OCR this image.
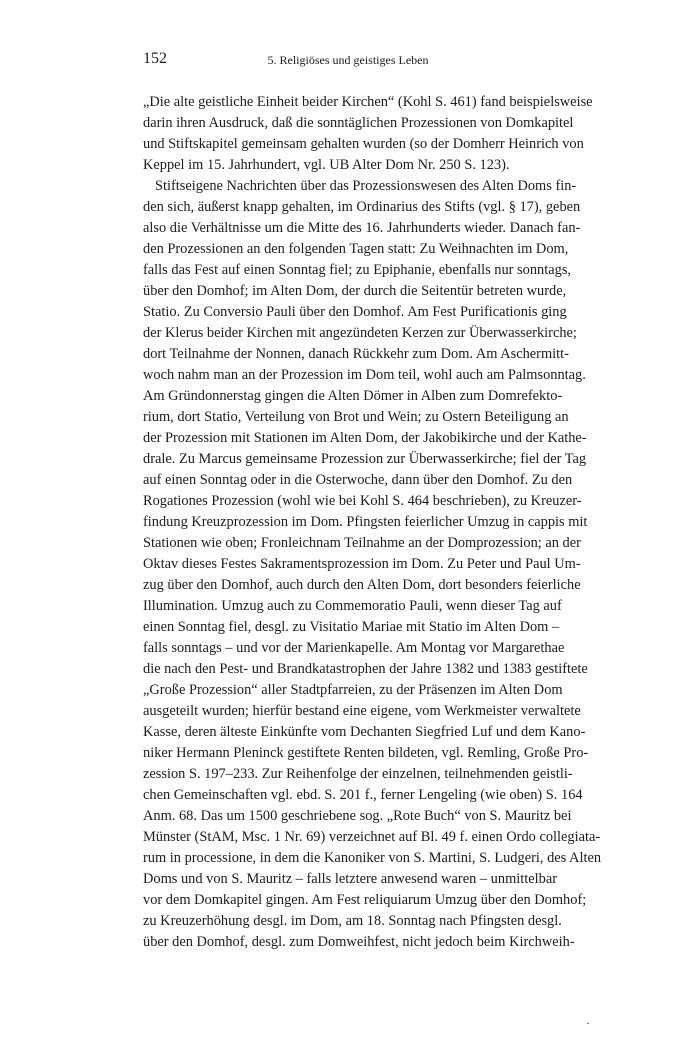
152	5. Religiöses und geistiges Leben
„Die alte geistliche Einheit beider Kirchen“ (Kohl S. 461) fand beispielsweise
darin ihren Ausdruck, daß die sonntäglichen Prozessionen von Domkapitel
und Stiftskapitel gemeinsam gehalten wurden (so der Domherr Heinrich von
Keppel im 15. Jahrhundert, vgl. UB Alter Dom Nr. 250 S. 123).
Stiftseigene Nachrichten über das Prozessionswesen des Alten Doms fin-
den sich, äußerst knapp gehalten, im Ordinarius des Stifts (vgl. § 17), geben
also die Verhältnisse um die Mitte des 16. Jahrhunderts wieder. Danach fan-
den Prozessionen an den folgenden Tagen statt: Zu Weihnachten im Dom,
falls das Fest auf einen Sonntag fiel; zu Epiphanie, ebenfalls nur sonntags,
über den Domhof; im Alten Dom, der durch die Seitentür betreten wurde,
Statio. Zu Conversio Pauli über den Domhof. Am Fest Purificationis ging
der Klerus beider Kirchen mit angezündeten Kerzen zur Überwasserkirche;
dort Teilnahme der Nonnen, danach Rückkehr zum Dom. Am Aschermitt-
woch nahm man an der Prozession im Dom teil, wohl auch am Palmsonntag.
Am Gründonnerstag gingen die Alten Dömer in Alben zum Domrefekto-
rium, dort Statio, Verteilung von Brot und Wein; zu Ostern Beteiligung an
der Prozession mit Stationen im Alten Dom, der Jakobikirche und der Kathe-
drale. Zu Marcus gemeinsame Prozession zur Überwasserkirche; fiel der Tag
auf einen Sonntag oder in die Osterwoche, dann über den Domhof. Zu den
Rogationes Prozession (wohl wie bei Kohl S. 464 beschrieben), zu Kreuzer-
findung Kreuzprozession im Dom. Pfingsten feierlicher Umzug in cappis mit
Stationen wie oben; Fronleichnam Teilnahme an der Domprozession; an der
Oktav dieses Festes Sakramentsprozession im Dom. Zu Peter und Paul Um-
zug über den Domhof, auch durch den Alten Dom, dort besonders feierliche
Illumination. Umzug auch zu Commemoratio Pauli, wenn dieser Tag auf
einen Sonntag fiel, desgl. zu Visitatio Mariae mit Statio im Alten Dom –
falls sonntags – und vor der Marienkapelle. Am Montag vor Margarethae
die nach den Pest- und Brandkatastrophen der Jahre 1382 und 1383 gestiftete
„Große Prozession“ aller Stadtpfarreien, zu der Präsenzen im Alten Dom
ausgeteilt wurden; hierfür bestand eine eigene, vom Werkmeister verwaltete
Kasse, deren älteste Einkünfte vom Dechanten Siegfried Luf und dem Kano-
niker Hermann Pleninck gestiftete Renten bildeten, vgl. Remling, Große Pro-
zession S. 197–233. Zur Reihenfolge der einzelnen, teilnehmenden geistli-
chen Gemeinschaften vgl. ebd. S. 201 f., ferner Lengeling (wie oben) S. 164
Anm. 68. Das um 1500 geschriebene sog. „Rote Buch“ von S. Mauritz bei
Münster (StAM, Msc. 1 Nr. 69) verzeichnet auf Bl. 49 f. einen Ordo collegiata-
rum in processione, in dem die Kanoniker von S. Martini, S. Ludgeri, des Alten
Doms und von S. Mauritz – falls letztere anwesend waren – unmittelbar
vor dem Domkapitel gingen. Am Fest reliquiarum Umzug über den Domhof;
zu Kreuzerhöhung desgl. im Dom, am 18. Sonntag nach Pfingsten desgl.
über den Domhof, desgl. zum Domweihfest, nicht jedoch beim Kirchweih-
·
